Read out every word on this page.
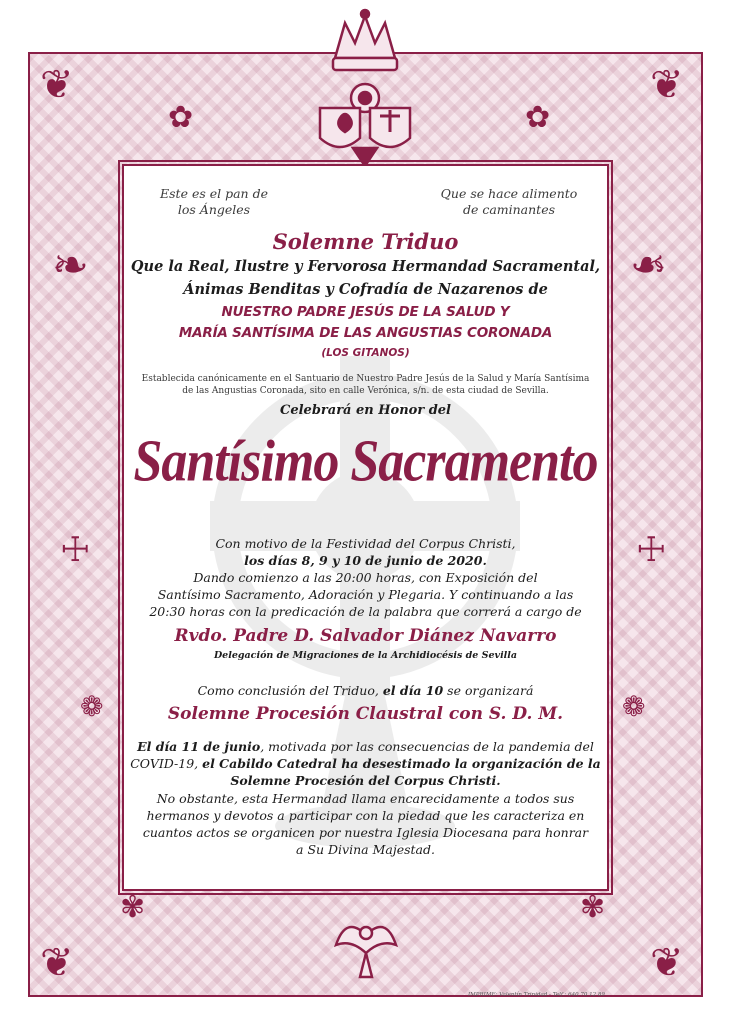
❦	❦
❦	❦
✿	✿
❧	❧
☩	☩
❁	❁
✾	✾
Este es el pan de
los Ángeles
Que se hace alimento
de caminantes
Solemne Triduo
Que la Real, Ilustre y Fervorosa Hermandad Sacramental,
Ánimas Benditas y Cofradía de Nazarenos de
NUESTRO PADRE JESÚS DE LA SALUD Y
MARÍA SANTÍSIMA DE LAS ANGUSTIAS CORONADA
(LOS GITANOS)
Establecida canónicamente en el Santuario de Nuestro Padre Jesús de la Salud y María Santísima
de las Angustias Coronada, sito en calle Verónica, s/n. de esta ciudad de Sevilla.
Celebrará en Honor del
Santísimo Sacramento
Con motivo de la Festividad del Corpus Christi,
los días 8, 9 y 10 de junio de 2020.
Dando comienzo a las 20:00 horas, con Exposición del
Santísimo Sacramento, Adoración y Plegaria. Y continuando a las
20:30 horas con la predicación de la palabra que correrá a cargo de
Rvdo. Padre D. Salvador Diánez Navarro
Delegación de Migraciones de la Archidiocésis de Sevilla
Como conclusión del Triduo, el día 10 se organizará
Solemne Procesión Claustral con S. D. M.
El día 11 de junio, motivada por las consecuencias de la pandemia del
COVID-19, el Cabildo Catedral ha desestimado la organización de la
Solemne Procesión del Corpus Christi.
No obstante, esta Hermandad llama encarecidamente a todos sus
hermanos y devotos a participar con la piedad que les caracteriza en
cuantos actos se organicen por nuestra Iglesia Diocesana para honrar
a Su Divina Majestad.
IMPRIME: Valentín Trinidad - Telf.: 640 70 12 89
